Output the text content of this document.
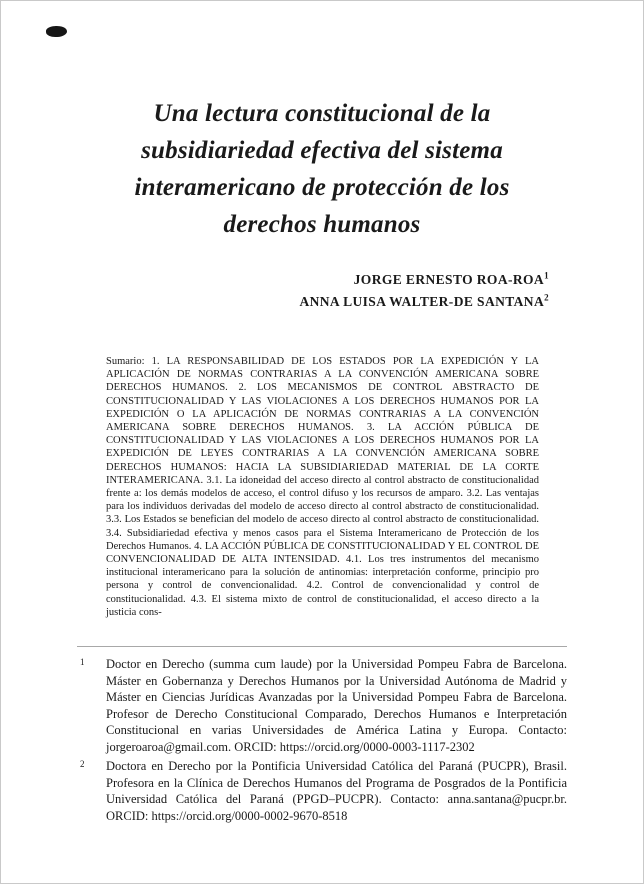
Una lectura constitucional de la
subsidiariedad efectiva del sistema
interamericano de protección de los
derechos humanos
JORGE ERNESTO ROA-ROA$^1$
ANNA LUISA WALTER-DE SANTANA$^2$

Sumario: 1. LA RESPONSABILIDAD DE LOS ESTADOS POR LA EXPEDICIÓN Y LA APLICACIÓN DE NORMAS CONTRARIAS A LA CONVENCIÓN AMERICANA SOBRE DERECHOS HUMANOS. 2. LOS MECANISMOS DE CONTROL ABSTRACTO DE CONSTITUCIONALIDAD Y LAS VIOLACIONES A LOS DERECHOS HUMANOS POR LA EXPEDICIÓN O LA APLICACIÓN DE NORMAS CONTRARIAS A LA CONVENCIÓN AMERICANA SOBRE DERECHOS HUMANOS. 3. LA ACCIÓN PÚBLICA DE CONSTITUCIONALIDAD Y LAS VIOLACIONES A LOS DERECHOS HUMANOS POR LA EXPEDICIÓN DE LEYES CONTRARIAS A LA CONVENCIÓN AMERICANA SOBRE DERECHOS HUMANOS: HACIA LA SUBSIDIARIEDAD MATERIAL DE LA CORTE INTERAMERICANA. 3.1. La idoneidad del acceso directo al control abstracto de constitucionalidad frente a: los demás modelos de acceso, el control difuso y los recursos de amparo. 3.2. Las ventajas para los individuos derivadas del modelo de acceso directo al control abstracto de constitucionalidad. 3.3. Los Estados se benefician del modelo de acceso directo al control abstracto de constitucionalidad. 3.4. Subsidiariedad efectiva y menos casos para el Sistema Interamericano de Protección de los Derechos Humanos. 4. LA ACCIÓN PÚBLICA DE CONSTITUCIONALIDAD Y EL CONTROL DE CONVENCIONALIDAD DE ALTA INTENSIDAD. 4.1. Los tres instrumentos del mecanismo institucional interamericano para la solución de antinomias: interpretación conforme, principio pro persona y control de convencionalidad. 4.2. Control de convencionalidad y control de constitucionalidad. 4.3. El sistema mixto de control de constitucionalidad, el acceso directo a la justicia cons-

1	Doctor en Derecho (summa cum laude) por la Universidad Pompeu Fabra de Barcelona. Máster en Gobernanza y Derechos Humanos por la Universidad Autónoma de Madrid y Máster en Ciencias Jurídicas Avanzadas por la Universidad Pompeu Fabra de Barcelona. Profesor de Derecho Constitucional Comparado, Derechos Humanos e Interpretación Constitucional en varias Universidades de América Latina y Europa. Contacto: jorgeroaroa@gmail.com. ORCID: https://orcid.org/0000-0003-1117-2302
2	Doctora en Derecho por la Pontificia Universidad Católica del Paraná (PUCPR), Brasil. Profesora en la Clínica de Derechos Humanos del Programa de Posgrados de la Pontificia Universidad Católica del Paraná (PPGD–PUCPR). Contacto: anna.santana@pucpr.br. ORCID: https://orcid.org/0000-0002-9670-8518
